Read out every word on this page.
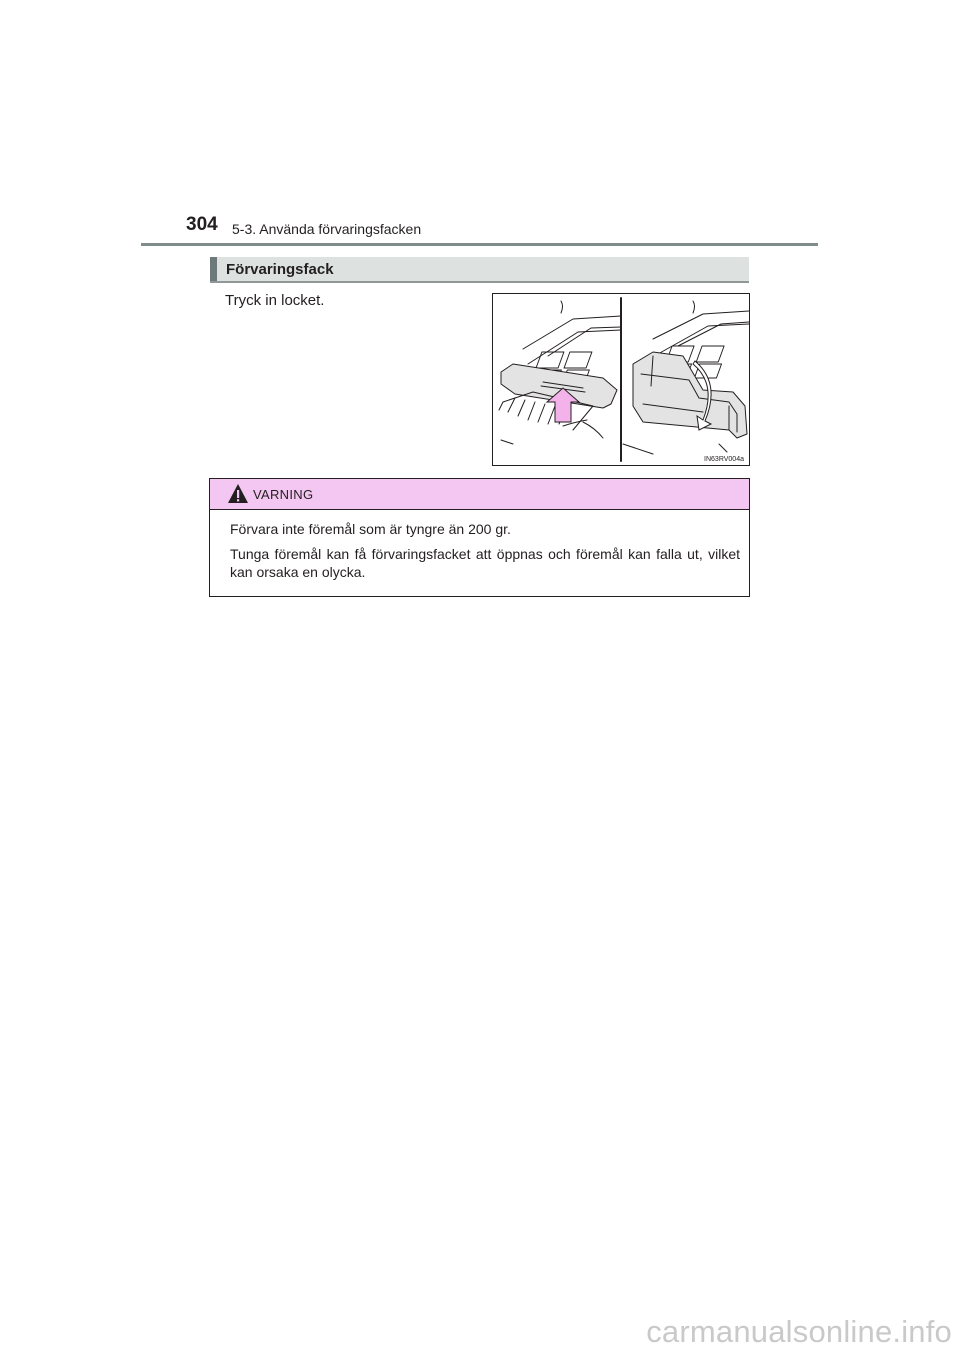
304 5-3. Använda förvaringsfacken
Förvaringsfack
Tryck in locket.
IN63RV004a
VARNING

Förvara inte föremål som är tyngre än 200 gr.

Tunga föremål kan få förvaringsfacket att öppnas och föremål kan falla ut, vilket kan orsaka en olycka.

carmanualsonline.info
